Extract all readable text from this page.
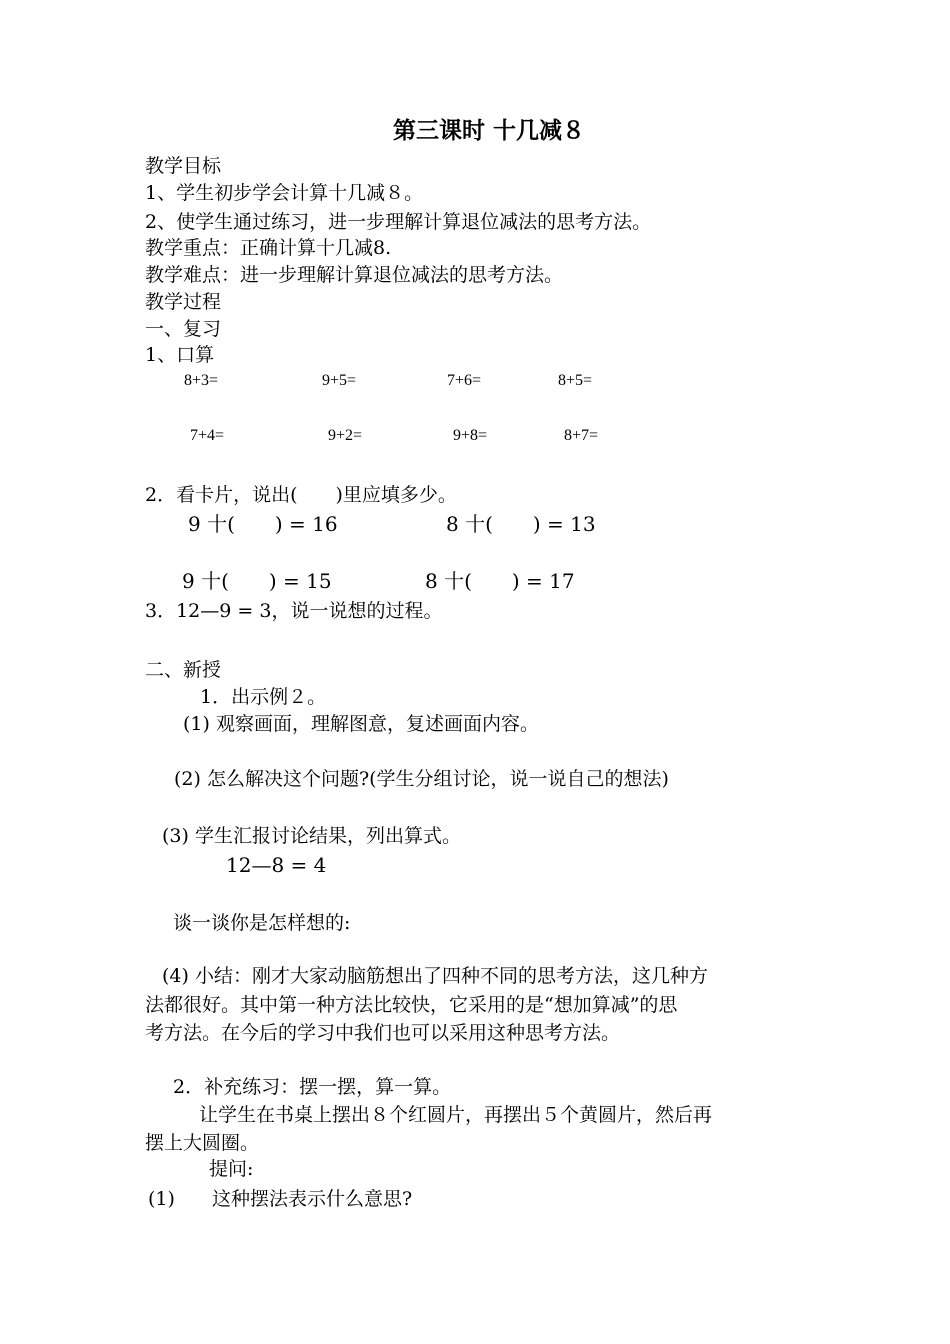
第三课时 十几减８
教学目标
1、学生初步学会计算十几减８。
2、使学生通过练习，进一步理解计算退位减法的思考方法。
教学重点：正确计算十几减8.
教学难点：进一步理解计算退位减法的思考方法。
教学过程
一、复习
1、口算
8+3=	9+5=	7+6=	8+5=
7+4=	9+2=	9+8=	8+7=
2．看卡片，说出(　　)里应填多少。
9 十(　　) = 16	8 十(　　) = 13
9 十(　　) = 15	8 十(　　) = 17
3．12—9 = 3，说一说想的过程。
二、新授
1．出示例２。
(1) 观察画面，理解图意，复述画面内容。
(2) 怎么解决这个问题?(学生分组讨论，说一说自己的想法)
(3) 学生汇报讨论结果，列出算式。
12—8 = 4
谈一谈你是怎样想的:
(4) 小结：刚才大家动脑筋想出了四种不同的思考方法，这几种方
法都很好。其中第一种方法比较快，它采用的是“想加算减”的思
考方法。在今后的学习中我们也可以采用这种思考方法。
2．补充练习：摆一摆，算一算。
让学生在书桌上摆出８个红圆片，再摆出５个黄圆片，然后再
摆上大圆圈。
提问:
(1) 这种摆法表示什么意思?
